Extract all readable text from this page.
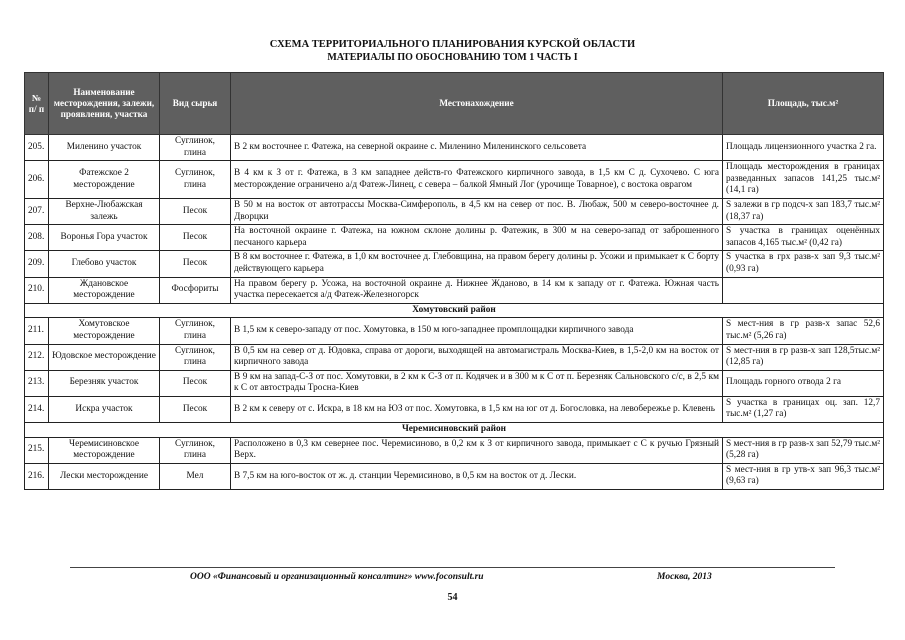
СХЕМА ТЕРРИТОРИАЛЬНОГО ПЛАНИРОВАНИЯ КУРСКОЙ ОБЛАСТИ
МАТЕРИАЛЫ ПО ОБОСНОВАНИЮ ТОМ 1 ЧАСТЬ I
№ п/ п	Наименование месторождения, залежи, проявления, участка	Вид сырья	Местонахождение	Площадь, тыс.м²
205.	Миленино участок	Суглинок, глина	В 2 км восточнее г. Фатежа, на северной окраине с. Миленино Миленинского сельсовета	Площадь лицензионного участка 2 га.
206.	Фатежское 2 месторождение	Суглинок, глина	В 4 км к З от г. Фатежа, в 3 км западнее действ-го Фатежского кирпичного завода, в 1,5 км С д. Сухочево. С юга месторождение ограничено а/д Фатеж-Линец, с севера – балкой Ямный Лог (урочище Товарное), с востока оврагом	Площадь месторождения в границах разведанных запасов 141,25 тыс.м² (14,1 га)
207.	Верхне-Любажская залежь	Песок	В 50 м на восток от автотрассы Москва-Симферополь, в 4,5 км на север от пос. В. Любаж, 500 м северо-восточнее д. Дворцки	S залежи в гр подсч-х зап 183,7 тыс.м² (18,37 га)
208.	Воронья Гора участок	Песок	На восточной окраине г. Фатежа, на южном склоне долины р. Фатежик, в 300 м на северо-запад от заброшенного песчаного карьера	S участка в границах оценённых запасов 4,165 тыс.м² (0,42 га)
209.	Глебово участок	Песок	В 8 км восточнее г. Фатежа, в 1,0 км восточнее д. Глебовщина, на правом берегу долины р. Усожи и примыкает к С борту действующего карьера	S участка в грх разв-х зап 9,3 тыс.м² (0,93 га)
210.	Ждановское месторождение	Фосфориты	На правом берегу р. Усожа, на восточной окраине д. Нижнее Жданово, в 14 км к западу от г. Фатежа. Южная часть участка пересекается а/д Фатеж-Железногорск	
Хомутовский район				
211.	Хомутовское месторождение	Суглинок, глина	В 1,5 км к северо-западу от пос. Хомутовка, в 150 м юго-западнее промплощадки кирпичного завода	S мест-ния в гр разв-х запас 52,6 тыс.м² (5,26 га)
212.	Юдовское месторождение	Суглинок, глина	В 0,5 км на север от д. Юдовка, справа от дороги, выходящей на автомагистраль Москва-Киев, в 1,5-2,0 км на восток от кирпичного завода	S мест-ния в гр разв-х зап 128,5тыс.м² (12,85 га)
213.	Березняк участок	Песок	В 9 км на запад-С-З от пос. Хомутовки, в 2 км к С-З от п. Кодячек и в 300 м к С от п. Березняк Сальновского с/с, в 2,5 км к С от автострады Тросна-Киев	Площадь горного отвода 2 га
214.	Искра участок	Песок	В 2 км к северу от с. Искра, в 18 км на ЮЗ от пос. Хомутовка, в 1,5 км на юг от д. Богословка, на левобережье р. Клевень	S участка в границах оц. зап. 12,7 тыс.м² (1,27 га)
Черемисиновский район				
215.	Черемисиновское месторождение	Суглинок, глина	Расположено в 0,3 км севернее пос. Черемисиново, в 0,2 км к З от кирпичного завода, примыкает с С к ручью Грязный Верх.	S мест-ния в гр разв-х зап 52,79 тыс.м² (5,28 га)
216.	Лески месторождение	Мел	В 7,5 км на юго-восток от ж. д. станции Черемисиново, в 0,5 км на восток от д. Лески.	S мест-ния в гр утв-х зап 96,3 тыс.м² (9,63 га)
ООО «Финансовый и организационный консалтинг» www.foconsult.ru	Москва, 2013
54
